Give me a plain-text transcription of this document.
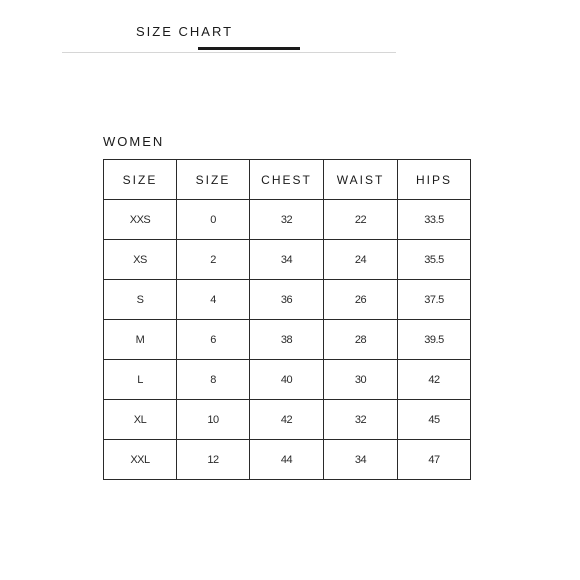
SIZE CHART
WOMEN
SIZE	SIZE	CHEST	WAIST	HIPS
XXS	0	32	22	33.5
XS	2	34	24	35.5
S	4	36	26	37.5
M	6	38	28	39.5
L	8	40	30	42
XL	10	42	32	45
XXL	12	44	34	47
